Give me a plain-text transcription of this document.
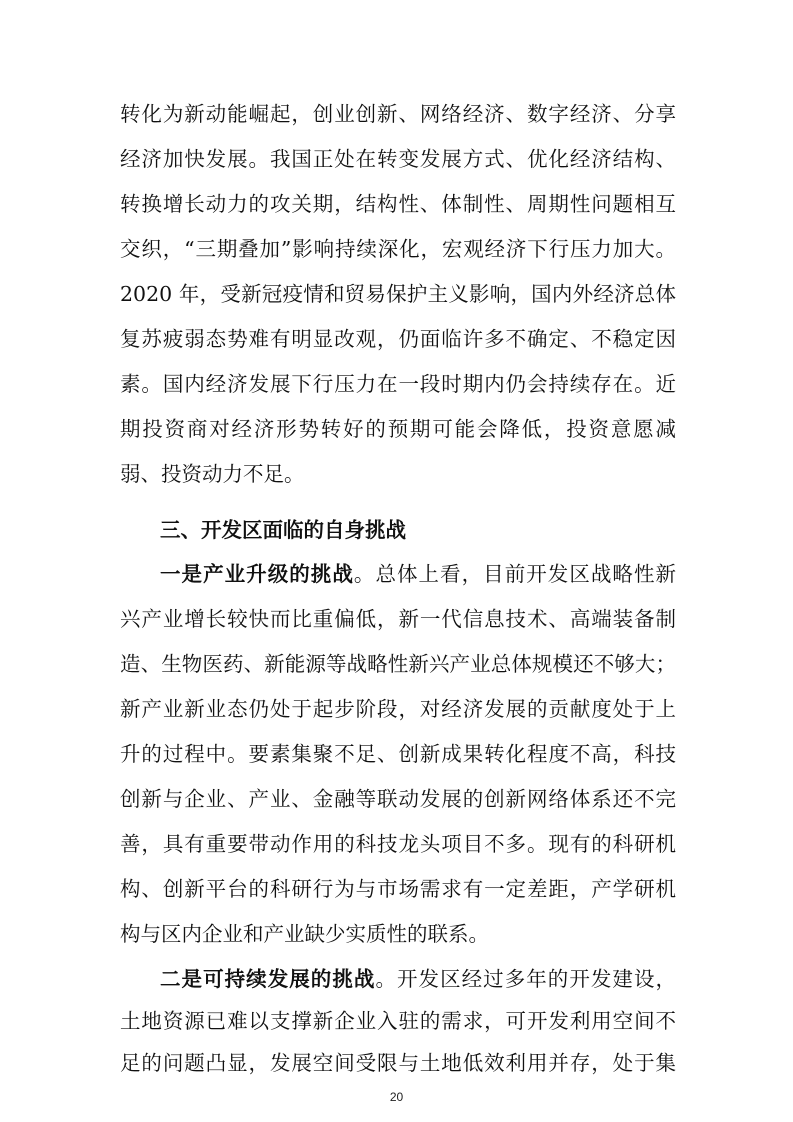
转化为新动能崛起，创业创新、网络经济、数字经济、分享
经济加快发展。我国正处在转变发展方式、优化经济结构、
转换增长动力的攻关期，结构性、体制性、周期性问题相互
交织，“三期叠加”影响持续深化，宏观经济下行压力加大。
2020 年，受新冠疫情和贸易保护主义影响，国内外经济总体
复苏疲弱态势难有明显改观，仍面临许多不确定、不稳定因
素。国内经济发展下行压力在一段时期内仍会持续存在。近
期投资商对经济形势转好的预期可能会降低，投资意愿减
弱、投资动力不足。
三、开发区面临的自身挑战
一是产业升级的挑战。总体上看，目前开发区战略性新
兴产业增长较快而比重偏低，新一代信息技术、高端装备制
造、生物医药、新能源等战略性新兴产业总体规模还不够大；
新产业新业态仍处于起步阶段，对经济发展的贡献度处于上
升的过程中。要素集聚不足、创新成果转化程度不高，科技
创新与企业、产业、金融等联动发展的创新网络体系还不完
善，具有重要带动作用的科技龙头项目不多。现有的科研机
构、创新平台的科研行为与市场需求有一定差距，产学研机
构与区内企业和产业缺少实质性的联系。
二是可持续发展的挑战。开发区经过多年的开发建设，
土地资源已难以支撑新企业入驻的需求，可开发利用空间不
足的问题凸显，发展空间受限与土地低效利用并存，处于集
20
